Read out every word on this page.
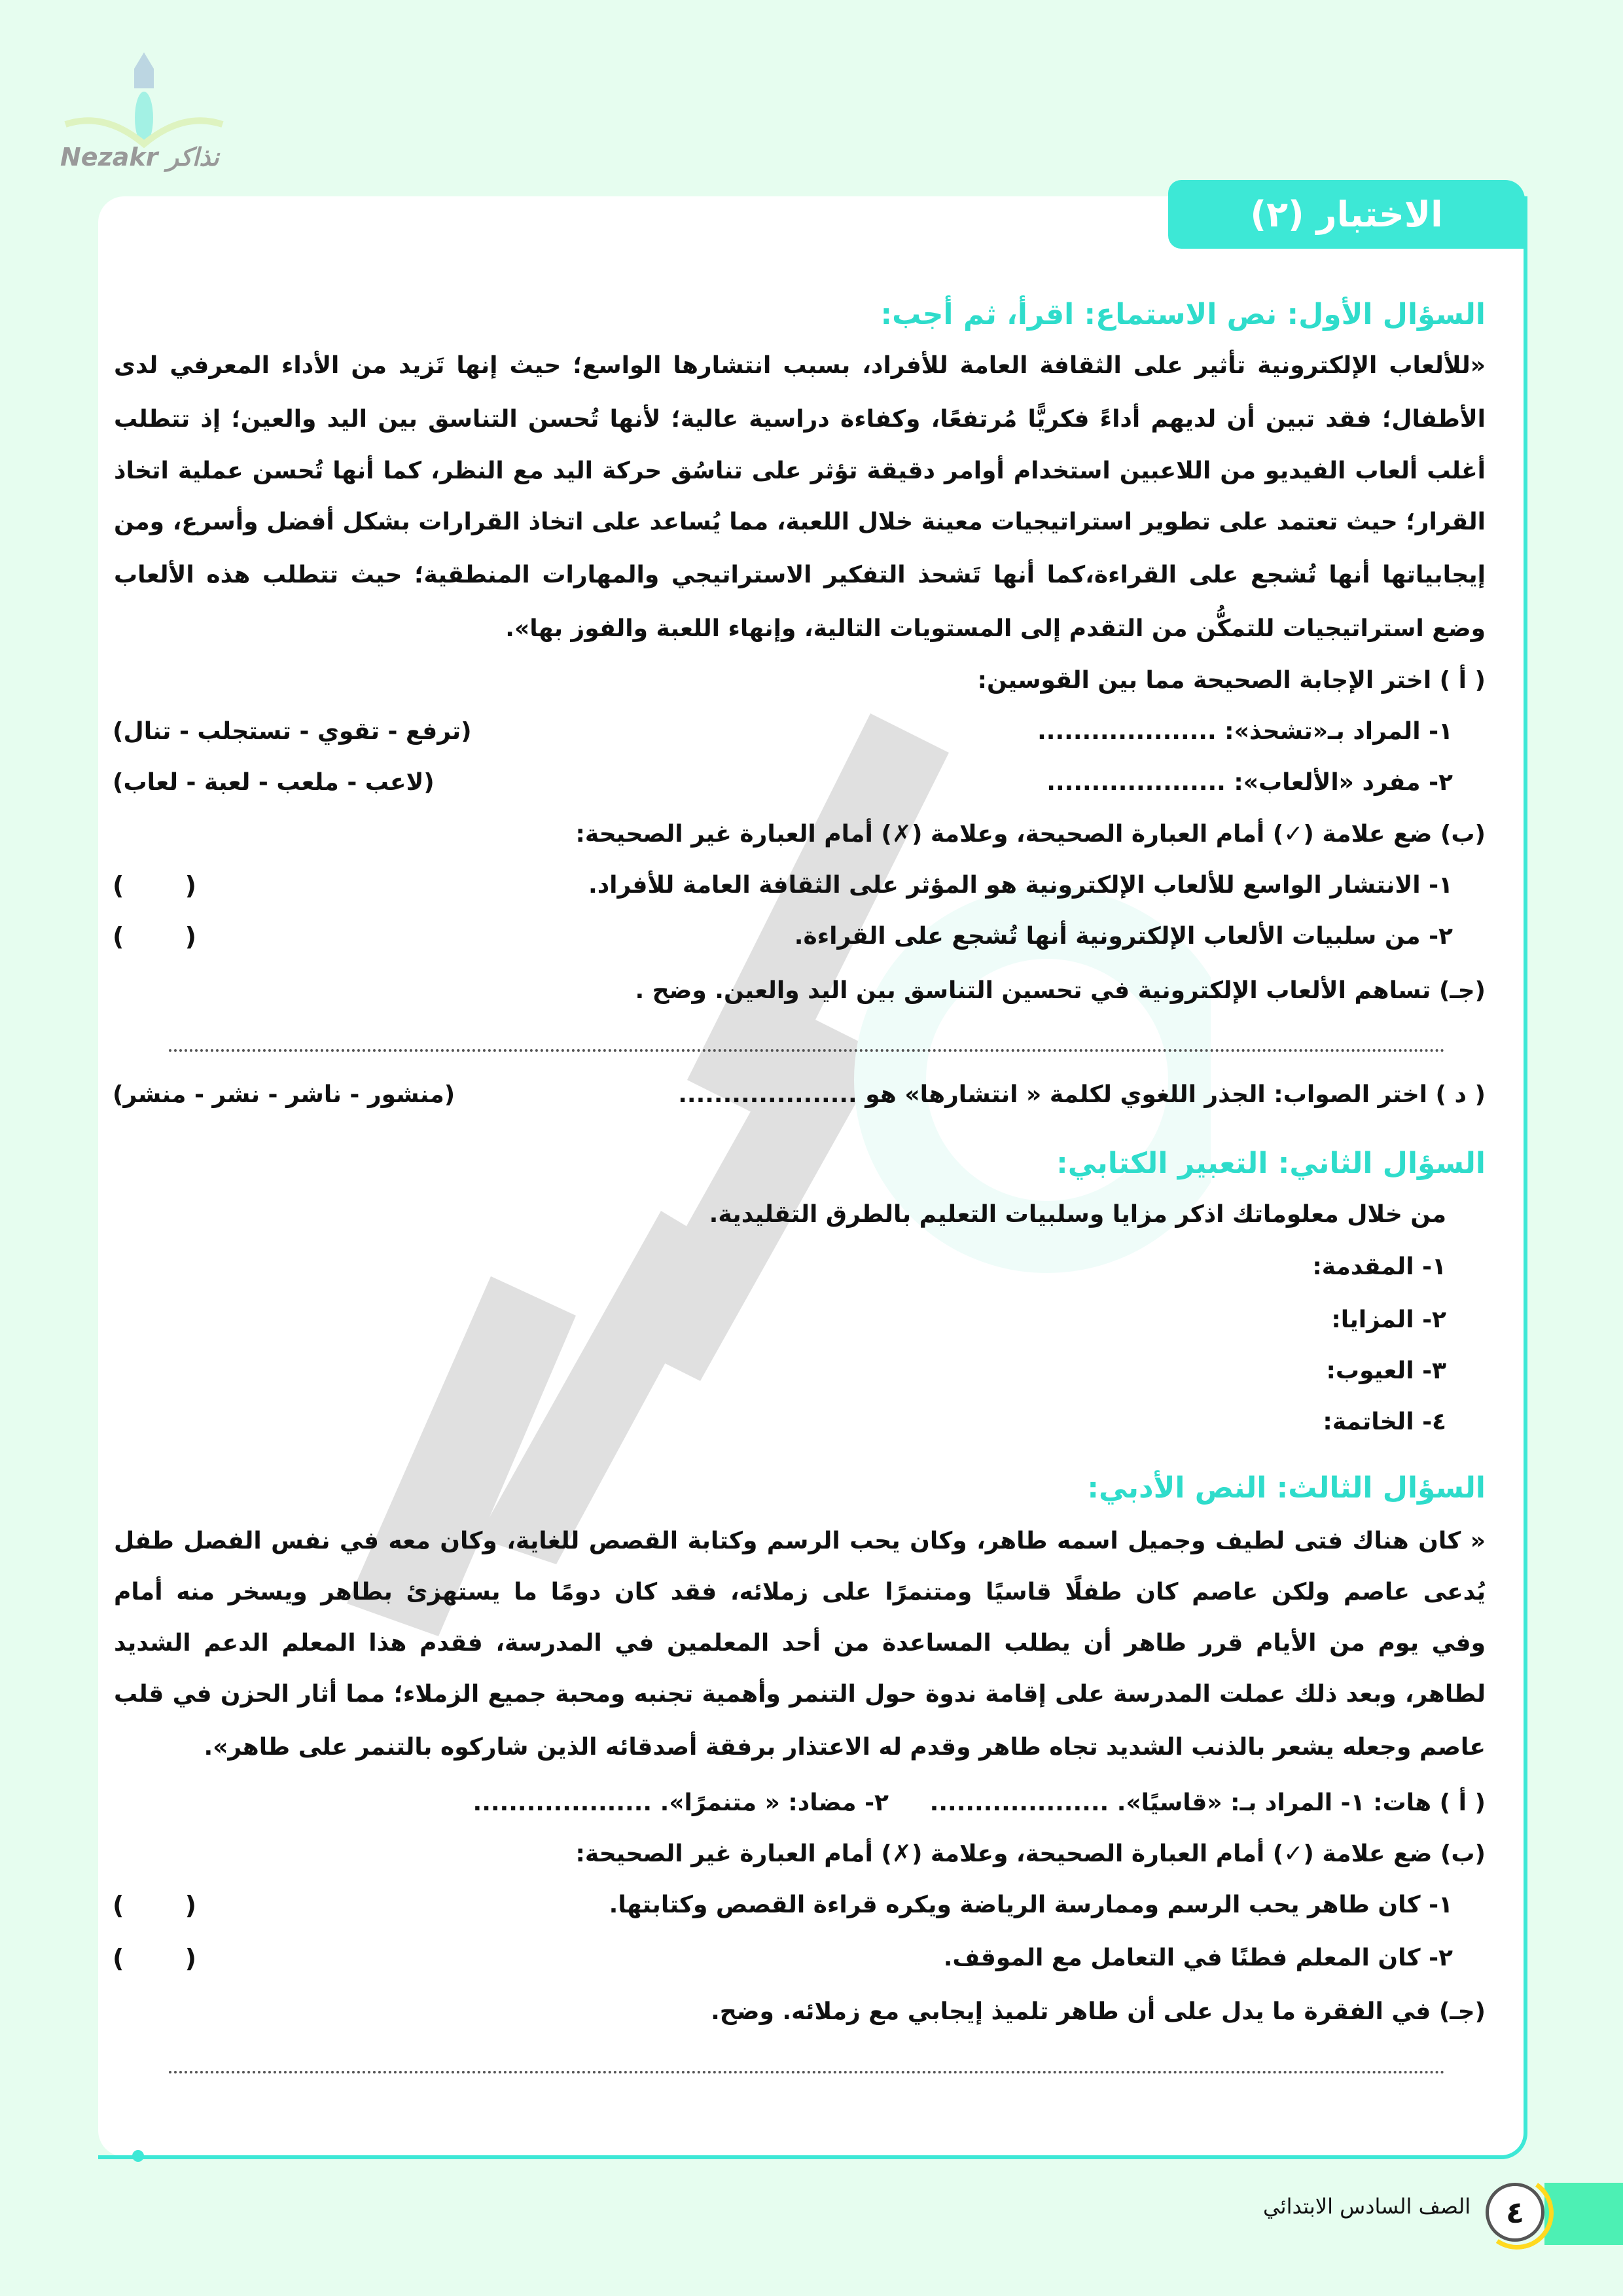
Nezakr نذاكر
الاختبار (٢)
السؤال الأول: نص الاستماع: اقرأ، ثم أجب:
«للألعاب الإلكترونية تأثير على الثقافة العامة للأفراد، بسبب انتشارها الواسع؛ حيث إنها تَزيد من الأداء المعرفي لدى
الأطفال؛ فقد تبين أن لديهم أداءً فكريًّا مُرتفعًا، وكفاءة دراسية عالية؛ لأنها تُحسن التناسق بين اليد والعين؛ إذ تتطلب
أغلب ألعاب الفيديو من اللاعبين استخدام أوامر دقيقة تؤثر على تناسُق حركة اليد مع النظر، كما أنها تُحسن عملية اتخاذ
القرار؛ حيث تعتمد على تطوير استراتيجيات معينة خلال اللعبة، مما يُساعد على اتخاذ القرارات بشكل أفضل وأسرع، ومن
إيجابياتها أنها تُشجع على القراءة،كما أنها تَشحذ التفكير الاستراتيجي والمهارات المنطقية؛ حيث تتطلب هذه الألعاب
وضع استراتيجيات للتمكُّن من التقدم إلى المستويات التالية، وإنهاء اللعبة والفوز بها».
( أ ) اختر الإجابة الصحيحة مما بين القوسين:
١- المراد بـ«تشحذ»: ....................
(ترفع - تقوي - تستجلب - تنال)
٢- مفرد «الألعاب»: ....................
(لاعب - ملعب - لعبة - لعاب)
(ب) ضع علامة (✓) أمام العبارة الصحيحة، وعلامة (✗) أمام العبارة غير الصحيحة:
١- الانتشار الواسع للألعاب الإلكترونية هو المؤثر على الثقافة العامة للأفراد.
( )
٢- من سلبيات الألعاب الإلكترونية أنها تُشجع على القراءة.
( )
(جـ) تساهم الألعاب الإلكترونية في تحسين التناسق بين اليد والعين. وضح .
( د ) اختر الصواب: الجذر اللغوي لكلمة « انتشارها» هو ....................
(منشور - ناشر - نشر - منشر)
السؤال الثاني: التعبير الكتابي:
من خلال معلوماتك اذكر مزايا وسلبيات التعليم بالطرق التقليدية.
١- المقدمة:
٢- المزايا:
٣- العيوب:
٤- الخاتمة:
السؤال الثالث: النص الأدبي:
« كان هناك فتى لطيف وجميل اسمه طاهر، وكان يحب الرسم وكتابة القصص للغاية، وكان معه في نفس الفصل طفل
يُدعى عاصم ولكن عاصم كان طفلًا قاسيًا ومتنمرًا على زملائه، فقد كان دومًا ما يستهزئ بطاهر ويسخر منه أمام
وفي يوم من الأيام قرر طاهر أن يطلب المساعدة من أحد المعلمين في المدرسة، فقدم هذا المعلم الدعم الشديد
لطاهر، وبعد ذلك عملت المدرسة على إقامة ندوة حول التنمر وأهمية تجنبه ومحبة جميع الزملاء؛ مما أثار الحزن في قلب
عاصم وجعله يشعر بالذنب الشديد تجاه طاهر وقدم له الاعتذار برفقة أصدقائه الذين شاركوه بالتنمر على طاهر».
( أ ) هات: ١- المراد بـ: «قاسيًا». ....................     ٢- مضاد: « متنمرًا». ....................
(ب) ضع علامة (✓) أمام العبارة الصحيحة، وعلامة (✗) أمام العبارة غير الصحيحة:
١- كان طاهر يحب الرسم وممارسة الرياضة ويكره قراءة القصص وكتابتها.
( )
٢- كان المعلم فطنًا في التعامل مع الموقف.
( )
(جـ) في الفقرة ما يدل على أن طاهر تلميذ إيجابي مع زملائه. وضح.
٤
الصف السادس الابتدائي
